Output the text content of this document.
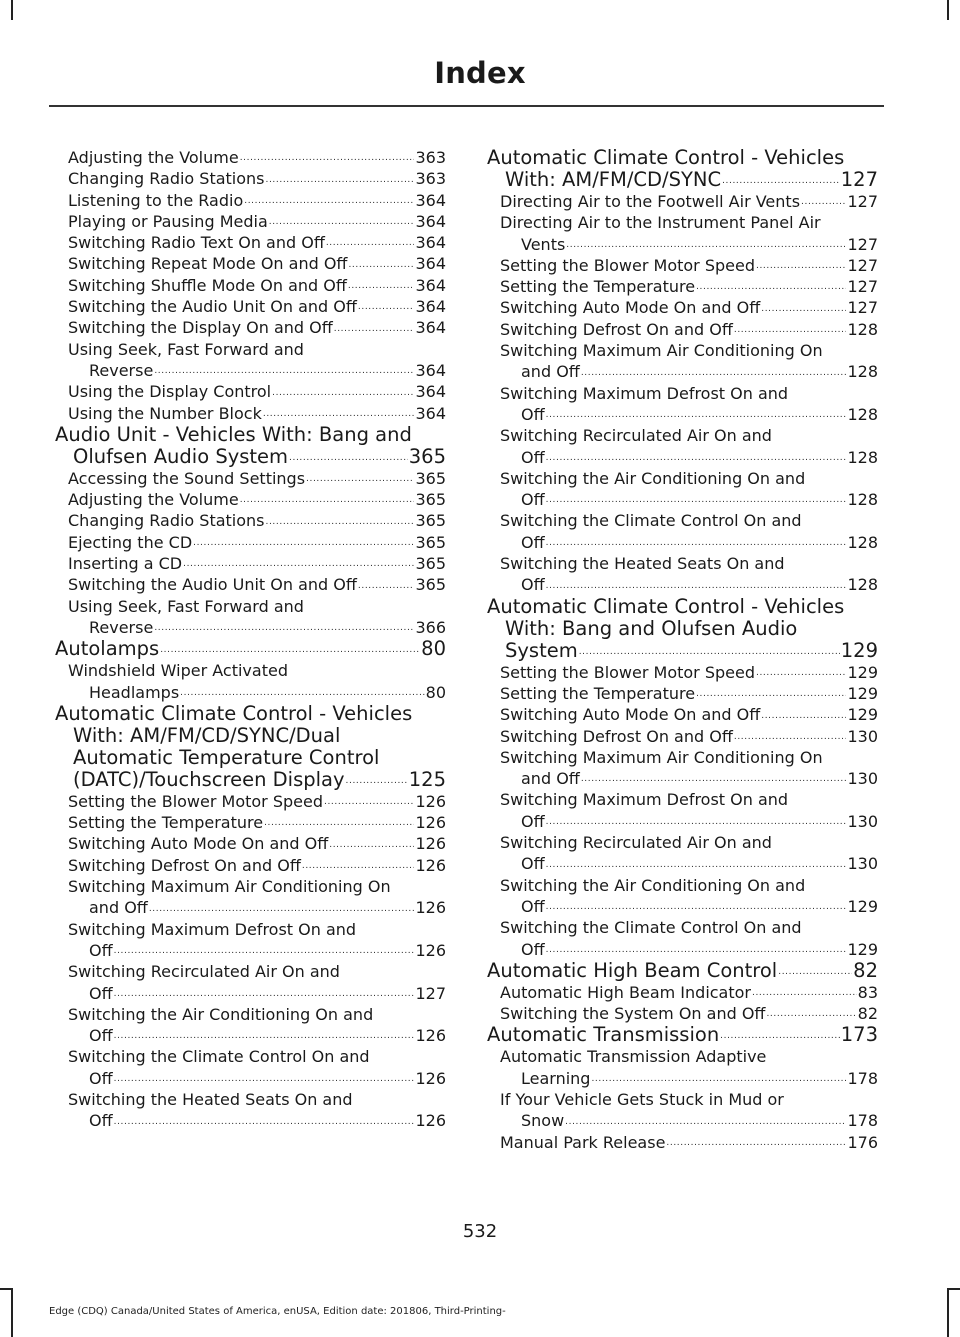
Index
Adjusting the Volume .....	363
Changing Radio Stations .....	363
Listening to the Radio .....	364
Playing or Pausing Media .....	364
Switching Radio Text On and Off .....	364
Switching Repeat Mode On and Off .....	364
Switching Shuffle Mode On and Off .....	364
Switching the Audio Unit On and Off .....	364
Switching the Display On and Off .....	364
Using Seek, Fast Forward and
Reverse .....	364
Using the Display Control .....	364
Using the Number Block .....	364
Audio Unit - Vehicles With: Bang and
Olufsen Audio System .....	365
Accessing the Sound Settings .....	365
Adjusting the Volume .....	365
Changing Radio Stations .....	365
Ejecting the CD .....	365
Inserting a CD .....	365
Switching the Audio Unit On and Off .....	365
Using Seek, Fast Forward and
Reverse .....	366
Autolamps .....	80
Windshield Wiper Activated
Headlamps .....	80
Automatic Climate Control - Vehicles
With: AM/FM/CD/SYNC/Dual
Automatic Temperature Control
(DATC)/Touchscreen Display .....	125
Setting the Blower Motor Speed .....	126
Setting the Temperature .....	126
Switching Auto Mode On and Off .....	126
Switching Defrost On and Off .....	126
Switching Maximum Air Conditioning On
and Off .....	126
Switching Maximum Defrost On and
Off .....	126
Switching Recirculated Air On and
Off .....	127
Switching the Air Conditioning On and
Off .....	126
Switching the Climate Control On and
Off .....	126
Switching the Heated Seats On and
Off .....	126
Automatic Climate Control - Vehicles
With: AM/FM/CD/SYNC .....	127
Directing Air to the Footwell Air Vents .....	127
Directing Air to the Instrument Panel Air
Vents .....	127
Setting the Blower Motor Speed .....	127
Setting the Temperature .....	127
Switching Auto Mode On and Off .....	127
Switching Defrost On and Off .....	128
Switching Maximum Air Conditioning On
and Off .....	128
Switching Maximum Defrost On and
Off .....	128
Switching Recirculated Air On and
Off .....	128
Switching the Air Conditioning On and
Off .....	128
Switching the Climate Control On and
Off .....	128
Switching the Heated Seats On and
Off .....	128
Automatic Climate Control - Vehicles
With: Bang and Olufsen Audio
System .....	129
Setting the Blower Motor Speed .....	129
Setting the Temperature .....	129
Switching Auto Mode On and Off .....	129
Switching Defrost On and Off .....	130
Switching Maximum Air Conditioning On
and Off .....	130
Switching Maximum Defrost On and
Off .....	130
Switching Recirculated Air On and
Off .....	130
Switching the Air Conditioning On and
Off .....	129
Switching the Climate Control On and
Off .....	129
Automatic High Beam Control .....	82
Automatic High Beam Indicator .....	83
Switching the System On and Off .....	82
Automatic Transmission .....	173
Automatic Transmission Adaptive
Learning .....	178
If Your Vehicle Gets Stuck in Mud or
Snow .....	178
Manual Park Release .....	176
532
Edge (CDQ) Canada/United States of America, enUSA, Edition date: 201806, Third-Printing-
